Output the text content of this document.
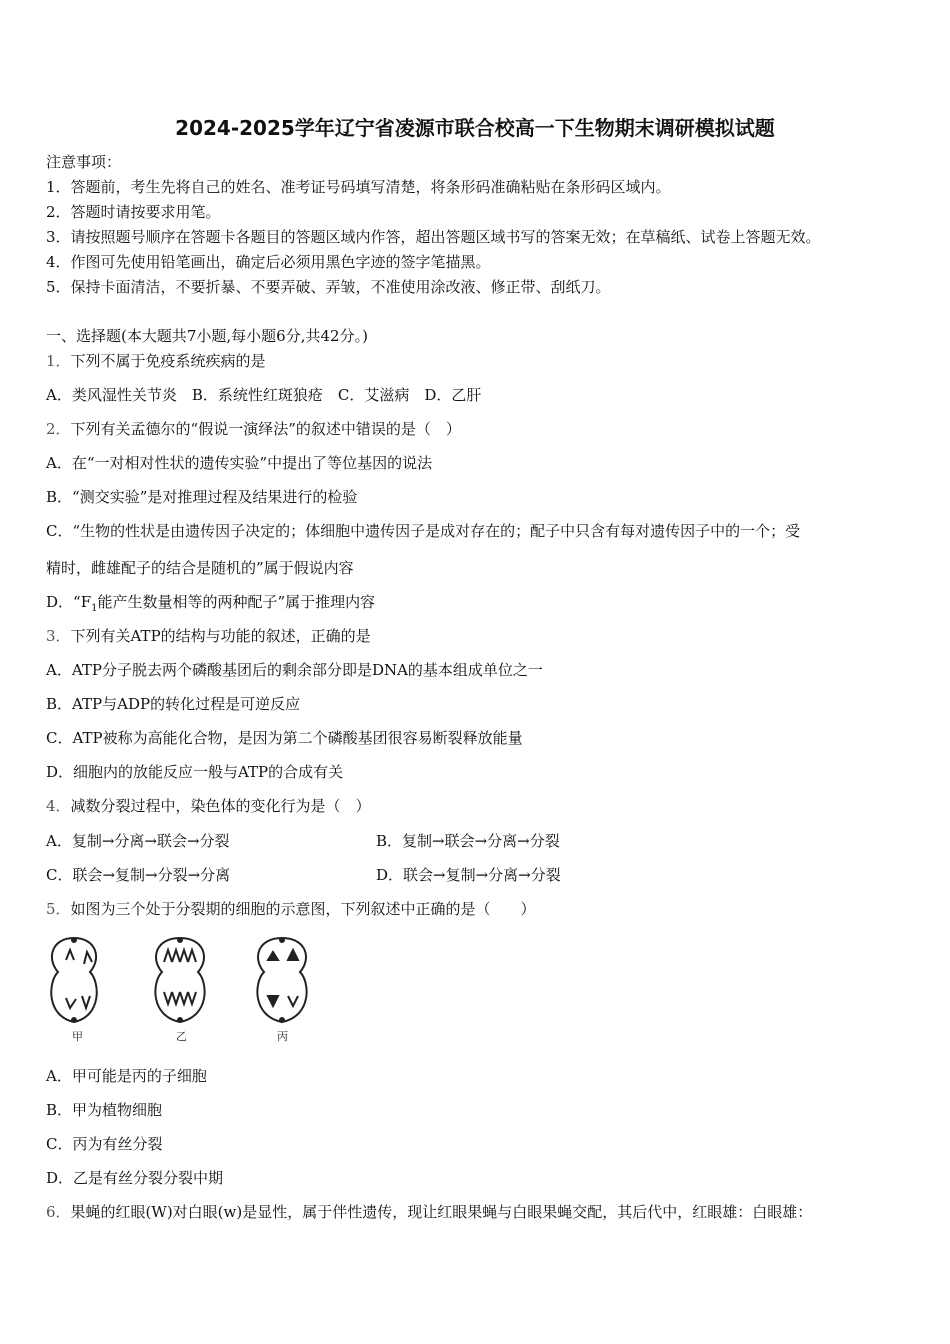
2024-2025学年辽宁省凌源市联合校高一下生物期末调研模拟试题
注意事项：
1．答题前，考生先将自己的姓名、准考证号码填写清楚，将条形码准确粘贴在条形码区域内。
2．答题时请按要求用笔。
3．请按照题号顺序在答题卡各题目的答题区域内作答，超出答题区域书写的答案无效；在草稿纸、试卷上答题无效。
4．作图可先使用铅笔画出，确定后必须用黑色字迹的签字笔描黑。
5．保持卡面清洁，不要折暴、不要弄破、弄皱，不准使用涂改液、修正带、刮纸刀。
一、选择题(本大题共7小题,每小题6分,共42分。)
1．下列不属于免疫系统疾病的是
A．类风湿性关节炎　B．系统性红斑狼疮　C．艾滋病　D．乙肝
2．下列有关孟德尔的“假说一演绎法”的叙述中错误的是（　）
A．在“一对相对性状的遗传实验”中提出了等位基因的说法
B．“测交实验”是对推理过程及结果进行的检验
C．“生物的性状是由遗传因子决定的；体细胞中遗传因子是成对存在的；配子中只含有每对遗传因子中的一个；受
精时，雌雄配子的结合是随机的”属于假说内容
D．“$F_1$能产生数量相等的两种配子”属于推理内容
3．下列有关ATP的结构与功能的叙述，正确的是
A．ATP分子脱去两个磷酸基团后的剩余部分即是DNA的基本组成单位之一
B．ATP与ADP的转化过程是可逆反应
C．ATP被称为高能化合物，是因为第二个磷酸基团很容易断裂释放能量
D．细胞内的放能反应一般与ATP的合成有关
4．减数分裂过程中，染色体的变化行为是（　）
A．复制→分离→联会→分裂	B．复制→联会→分离→分裂
C．联会→复制→分裂→分离	D．联会→复制→分离→分裂
5．如图为三个处于分裂期的细胞的示意图，下列叙述中正确的是（　　）
甲	乙	丙
A．甲可能是丙的子细胞
B．甲为植物细胞
C．丙为有丝分裂
D．乙是有丝分裂分裂中期
6．果蝇的红眼(W)对白眼(w)是显性，属于伴性遗传，现让红眼果蝇与白眼果蝇交配，其后代中，红眼雄：白眼雄：
